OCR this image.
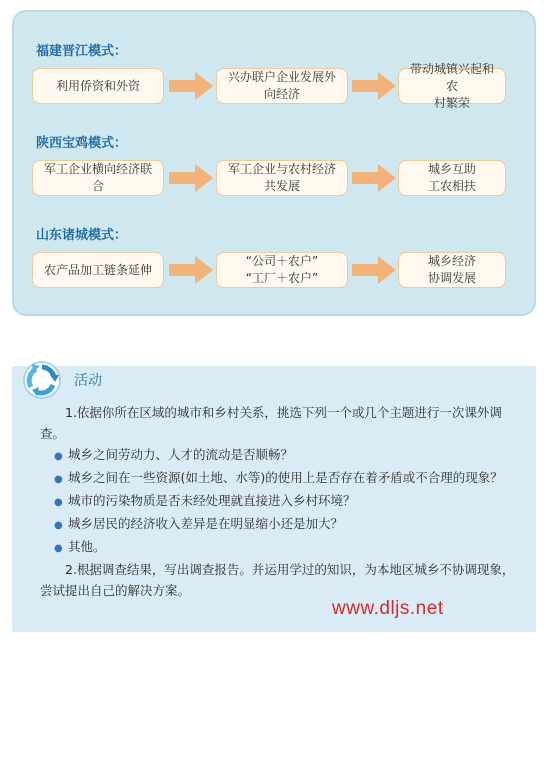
福建晋江模式：
利用侨资和外资
兴办联户企业发展外
向经济
带动城镇兴起和农
村繁荣
陕西宝鸡模式：
军工企业横向经济联合
军工企业与农村经济
共发展
城乡互助
工农相扶
山东诸城模式：
农产品加工链条延伸
“公司＋农户”
“工厂＋农户”
城乡经济
协调发展
活动

1.依据你所在区域的城市和乡村关系，挑选下列一个或几个主题进行一次课外调查。

● 城乡之间劳动力、人才的流动是否顺畅？

● 城乡之间在一些资源(如土地、水等)的使用上是否存在着矛盾或不合理的现象？

● 城市的污染物质是否未经处理就直接进入乡村环境？

● 城乡居民的经济收入差异是在明显缩小还是加大？

● 其他。

2.根据调查结果，写出调查报告。并运用学过的知识，为本地区城乡不协调现象，尝试提出自己的解决方案。

www.dljs.net
